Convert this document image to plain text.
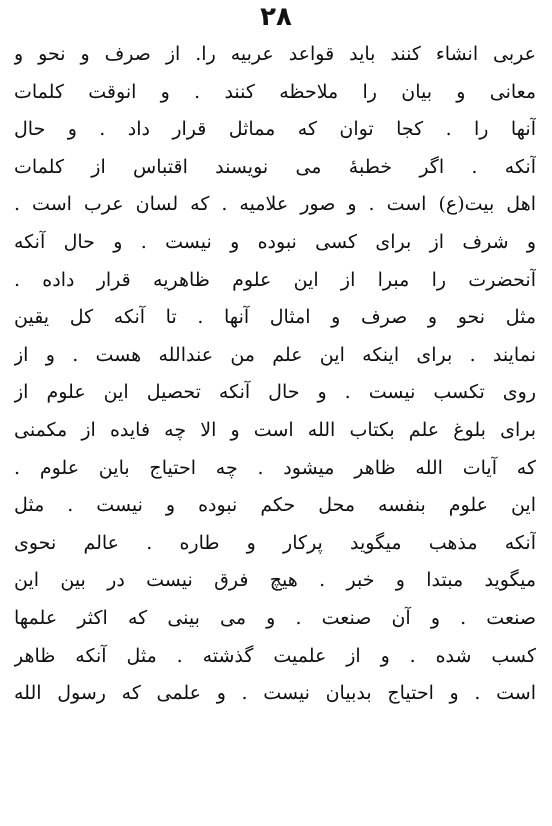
۲۸
عربی انشاء کنند باید قواعد عربیه را. از صرف و نحو و
معانی و بیان را ملاحظه کنند . و انوقت کلمات
آنها را . کجا توان که مماثل قرار داد . و حال
آنکه . اگر خطبهٔ می نویسند اقتباس از کلمات
اهل بیت(ع) است . و صور علامیه . که لسان عرب است .
و شرف از برای کسی نبوده و نیست . و حال آنکه
آنحضرت را مبرا از این علوم ظاهریه قرار داده .
مثل نحو و صرف و امثال آنها . تا آنکه کل یقین
نمایند . برای اینکه این علم من عندالله هست . و از
روی تکسب نیست . و حال آنکه تحصیل این علوم از
برای بلوغ علم بکتاب الله است و الا چه فایده از مکمنی
که آیات الله ظاهر میشود . چه احتیاج باین علوم .
این علوم بنفسه محل حکم نبوده و نیست . مثل
آنکه مذهب میگوید پرکار و طاره . عالم نحوی
میگوید مبتدا و خبر . هیچ فرق نیست در بین این
صنعت . و آن صنعت . و می بینی که اکثر علمها
کسب شده . و از علمیت گذشته . مثل آنکه ظاهر
است . و احتیاج بدبیان نیست . و علمی که رسول الله
